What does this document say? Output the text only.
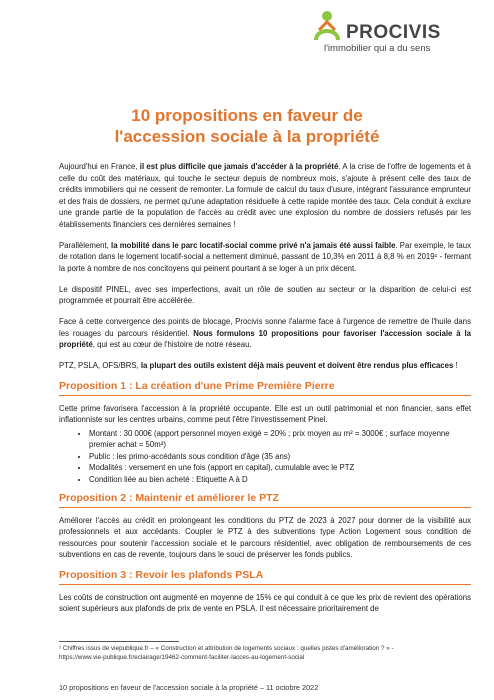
PROCIVIS
l'immobilier qui a du sens
10 propositions en faveur de
l'accession sociale à la propriété

Aujourd'hui en France, il est plus difficile que jamais d'accéder à la propriété. A la crise de l'offre de logements et à celle du coût des matériaux, qui touche le secteur depuis de nombreux mois, s'ajoute à présent celle des taux de crédits immobiliers qui ne cessent de remonter. La formule de calcul du taux d'usure, intégrant l'assurance emprunteur et des frais de dossiers, ne permet qu'une adaptation résiduelle à cette rapide montée des taux. Cela conduit à exclure une grande partie de la population de l'accès au crédit avec une explosion du nombre de dossiers refusés par les établissements financiers ces dernières semaines !

Parallèlement, la mobilité dans le parc locatif-social comme privé n'a jamais été aussi faible. Par exemple, le taux de rotation dans le logement locatif-social a nettement diminué, passant de 10,3% en 2011 à 8,8 % en 2019¹ - fermant la porte à nombre de nos concitoyens qui peinent pourtant à se loger à un prix décent.

Le dispositif PINEL, avec ses imperfections, avait un rôle de soutien au secteur or la disparition de celui-ci est programmée et pourrait être accélérée.

Face à cette convergence des points de blocage, Procivis sonne l'alarme face à l'urgence de remettre de l'huile dans les rouages du parcours résidentiel. Nous formulons 10 propositions pour favoriser l'accession sociale à la propriété, qui est au cœur de l'histoire de notre réseau.

PTZ, PSLA, OFS/BRS, la plupart des outils existent déjà mais peuvent et doivent être rendus plus efficaces !

Proposition 1 : La création d'une Prime Première Pierre

Cette prime favorisera l'accession à la propriété occupante. Elle est un outil patrimonial et non financier, sans effet inflationniste sur les centres urbains, comme peut l'être l'investissement Pinel.

• Montant : 30 000€ (apport personnel moyen exigé = 20% ; prix moyen au m² = 3000€ ; surface moyenne premier achat = 50m²)
• Public : les primo-accédants sous condition d'âge (35 ans)
• Modalités : versement en une fois (apport en capital), cumulable avec le PTZ
• Condition liée au bien acheté : Etiquette A à D
Proposition 2 : Maintenir et améliorer le PTZ

Améliorer l'accès au crédit en prolongeant les conditions du PTZ de 2023 à 2027 pour donner de la visibilité aux professionnels et aux accédants. Coupler le PTZ à des subventions type Action Logement sous condition de ressources pour soutenir l'accession sociale et le parcours résidentiel, avec obligation de remboursements de ces subventions en cas de revente, toujours dans le souci de préserver les fonds publics.

Proposition 3 : Revoir les plafonds PSLA

Les coûts de construction ont augmenté en moyenne de 15% ce qui conduit à ce que les prix de revient des opérations soient supérieurs aux plafonds de prix de vente en PSLA. Il est nécessaire prioritairement de

¹ Chiffres issus de viepublique.fr – « Construction et attribution de logements sociaux : quelles pistes d'amélioration ? » -
https://www.vie-publique.fr/eclairage/19462-comment-faciliter-lacces-au-logement-social
10 propositions en faveur de l'accession sociale à la propriété – 11 octobre 2022
